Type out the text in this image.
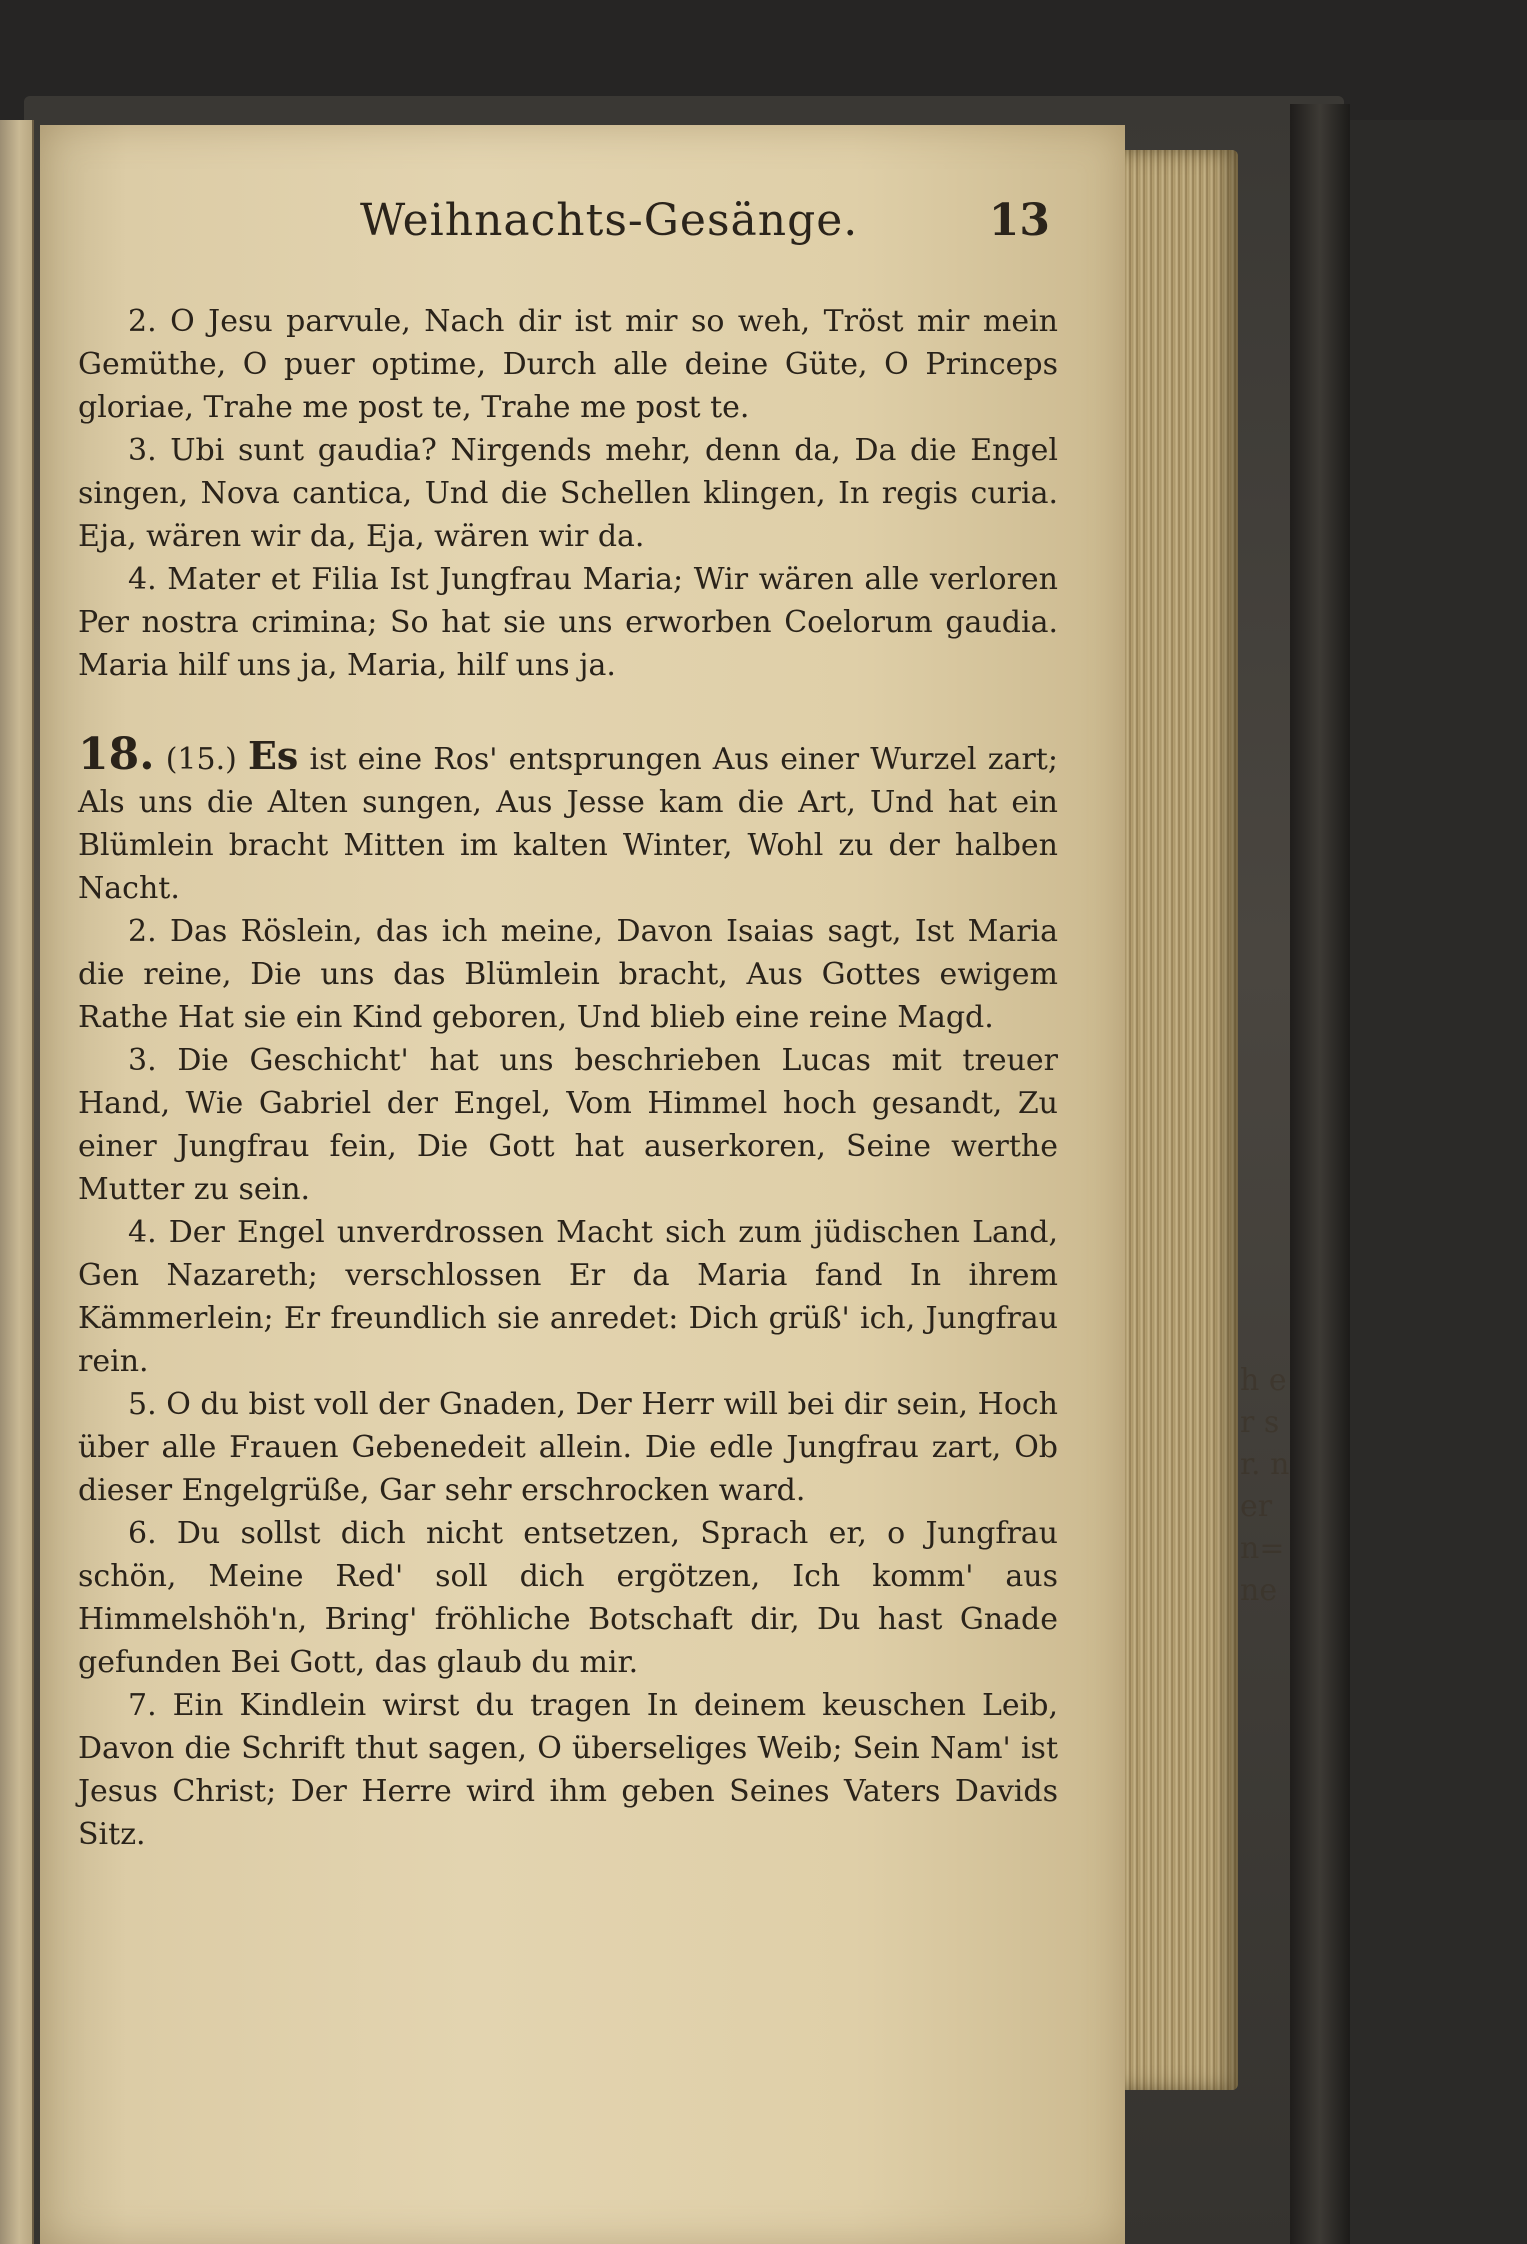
h e r s r. n er n= ne
Weihnachts-Gesänge.	13

2. O Jesu parvule, Nach dir ist mir so weh, Tröst mir mein Gemüthe, O puer optime, Durch alle deine Güte, O Princeps gloriae, Trahe me post te, Trahe me post te.

3. Ubi sunt gaudia? Nirgends mehr, denn da, Da die Engel singen, Nova cantica, Und die Schellen klingen, In regis curia. Eja, wären wir da, Eja, wären wir da.

4. Mater et Filia Ist Jungfrau Maria; Wir wären alle verloren Per nostra crimina; So hat sie uns erworben Coelorum gaudia. Maria hilf uns ja, Maria, hilf uns ja.

18. (15.) Es ist eine Ros' entsprungen Aus einer Wurzel zart; Als uns die Alten sungen, Aus Jesse kam die Art, Und hat ein Blümlein bracht Mitten im kalten Winter, Wohl zu der halben Nacht.

2. Das Röslein, das ich meine, Davon Isaias sagt, Ist Maria die reine, Die uns das Blümlein bracht, Aus Gottes ewigem Rathe Hat sie ein Kind geboren, Und blieb eine reine Magd.

3. Die Geschicht' hat uns beschrieben Lucas mit treuer Hand, Wie Gabriel der Engel, Vom Himmel hoch gesandt, Zu einer Jungfrau fein, Die Gott hat auserkoren, Seine werthe Mutter zu sein.

4. Der Engel unverdrossen Macht sich zum jüdischen Land, Gen Nazareth; verschlossen Er da Maria fand In ihrem Kämmerlein; Er freundlich sie anredet: Dich grüß' ich, Jungfrau rein.

5. O du bist voll der Gnaden, Der Herr will bei dir sein, Hoch über alle Frauen Gebenedeit allein. Die edle Jungfrau zart, Ob dieser Engelgrüße, Gar sehr erschrocken ward.

6. Du sollst dich nicht entsetzen, Sprach er, o Jungfrau schön, Meine Red' soll dich ergötzen, Ich komm' aus Himmelshöh'n, Bring' fröhliche Botschaft dir, Du hast Gnade gefunden Bei Gott, das glaub du mir.

7. Ein Kindlein wirst du tragen In deinem keuschen Leib, Davon die Schrift thut sagen, O überseliges Weib; Sein Nam' ist Jesus Christ; Der Herre wird ihm geben Seines Vaters Davids Sitz.
